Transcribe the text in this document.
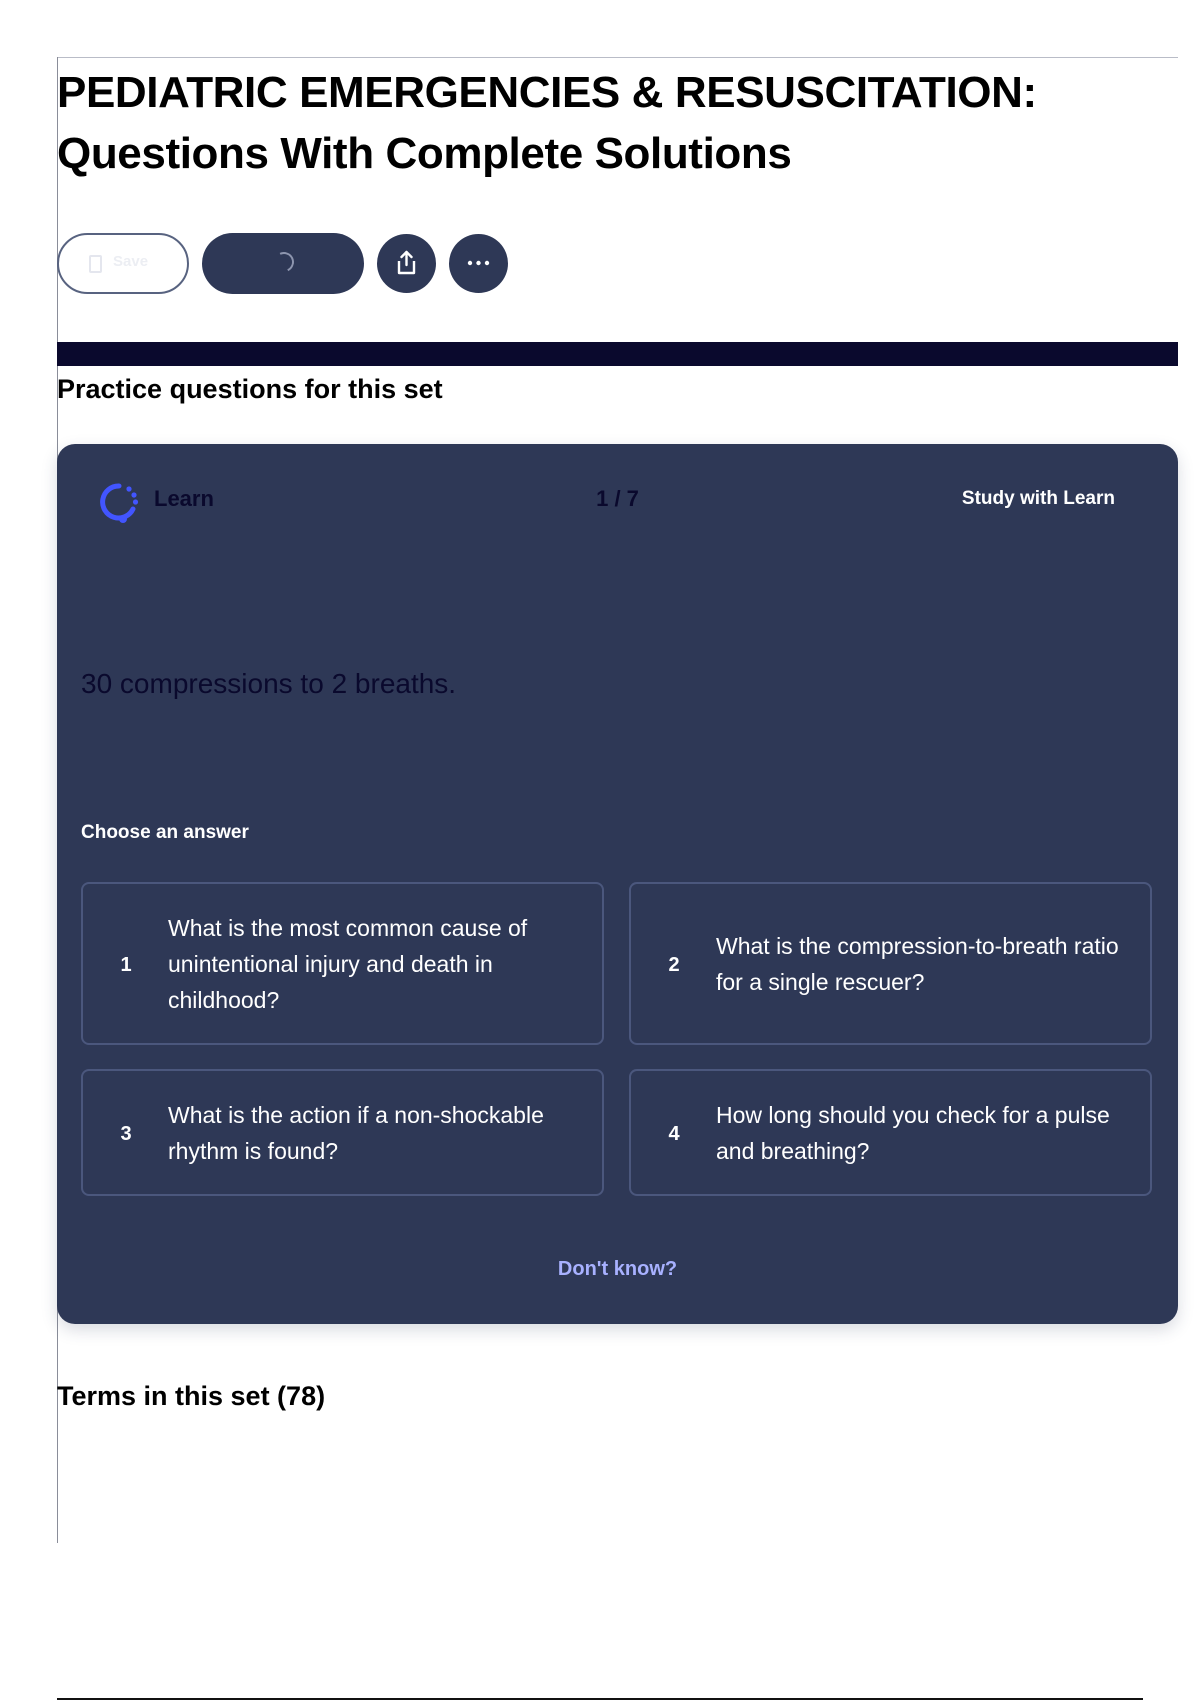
PEDIATRIC EMERGENCIES & RESUSCITATION:
Questions With Complete Solutions
Save
Practice questions for this set
Learn	1 / 7	Study with Learn
30 compressions to 2 breaths.
Choose an answer
1
What is the most common cause of unintentional injury and death in childhood?
2
What is the compression-to-breath ratio for a single rescuer?
3
What is the action if a non-shockable rhythm is found?
4
How long should you check for a pulse and breathing?
Don't know?
Terms in this set (78)
